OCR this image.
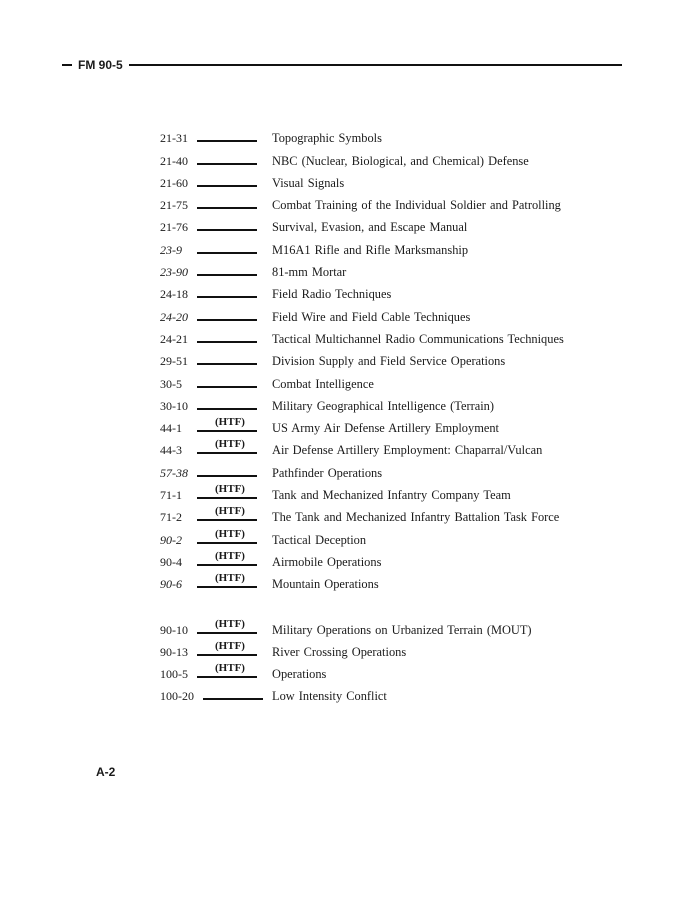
FM 90-5
21-31	Topographic Symbols
21-40	NBC (Nuclear, Biological, and Chemical) Defense
21-60	Visual Signals
21-75	Combat Training of the Individual Soldier and Patrolling
21-76	Survival, Evasion, and Escape Manual
23-9	M16A1 Rifle and Rifle Marksmanship
23-90	81-mm Mortar
24-18	Field Radio Techniques
24-20	Field Wire and Field Cable Techniques
24-21	Tactical Multichannel Radio Communications Techniques
29-51	Division Supply and Field Service Operations
30-5	Combat Intelligence
30-10	Military Geographical Intelligence (Terrain)
44-1	(HTF)	US Army Air Defense Artillery Employment
44-3	(HTF)	Air Defense Artillery Employment: Chaparral/Vulcan
57-38	Pathfinder Operations
71-1	(HTF)	Tank and Mechanized Infantry Company Team
71-2	(HTF)	The Tank and Mechanized Infantry Battalion Task Force
90-2	(HTF)	Tactical Deception
90-4	(HTF)	Airmobile Operations
90-6	(HTF)	Mountain Operations
90-10	(HTF)	Military Operations on Urbanized Terrain (MOUT)
90-13	(HTF)	River Crossing Operations
100-5	(HTF)	Operations
100-20	Low Intensity Conflict
A-2
